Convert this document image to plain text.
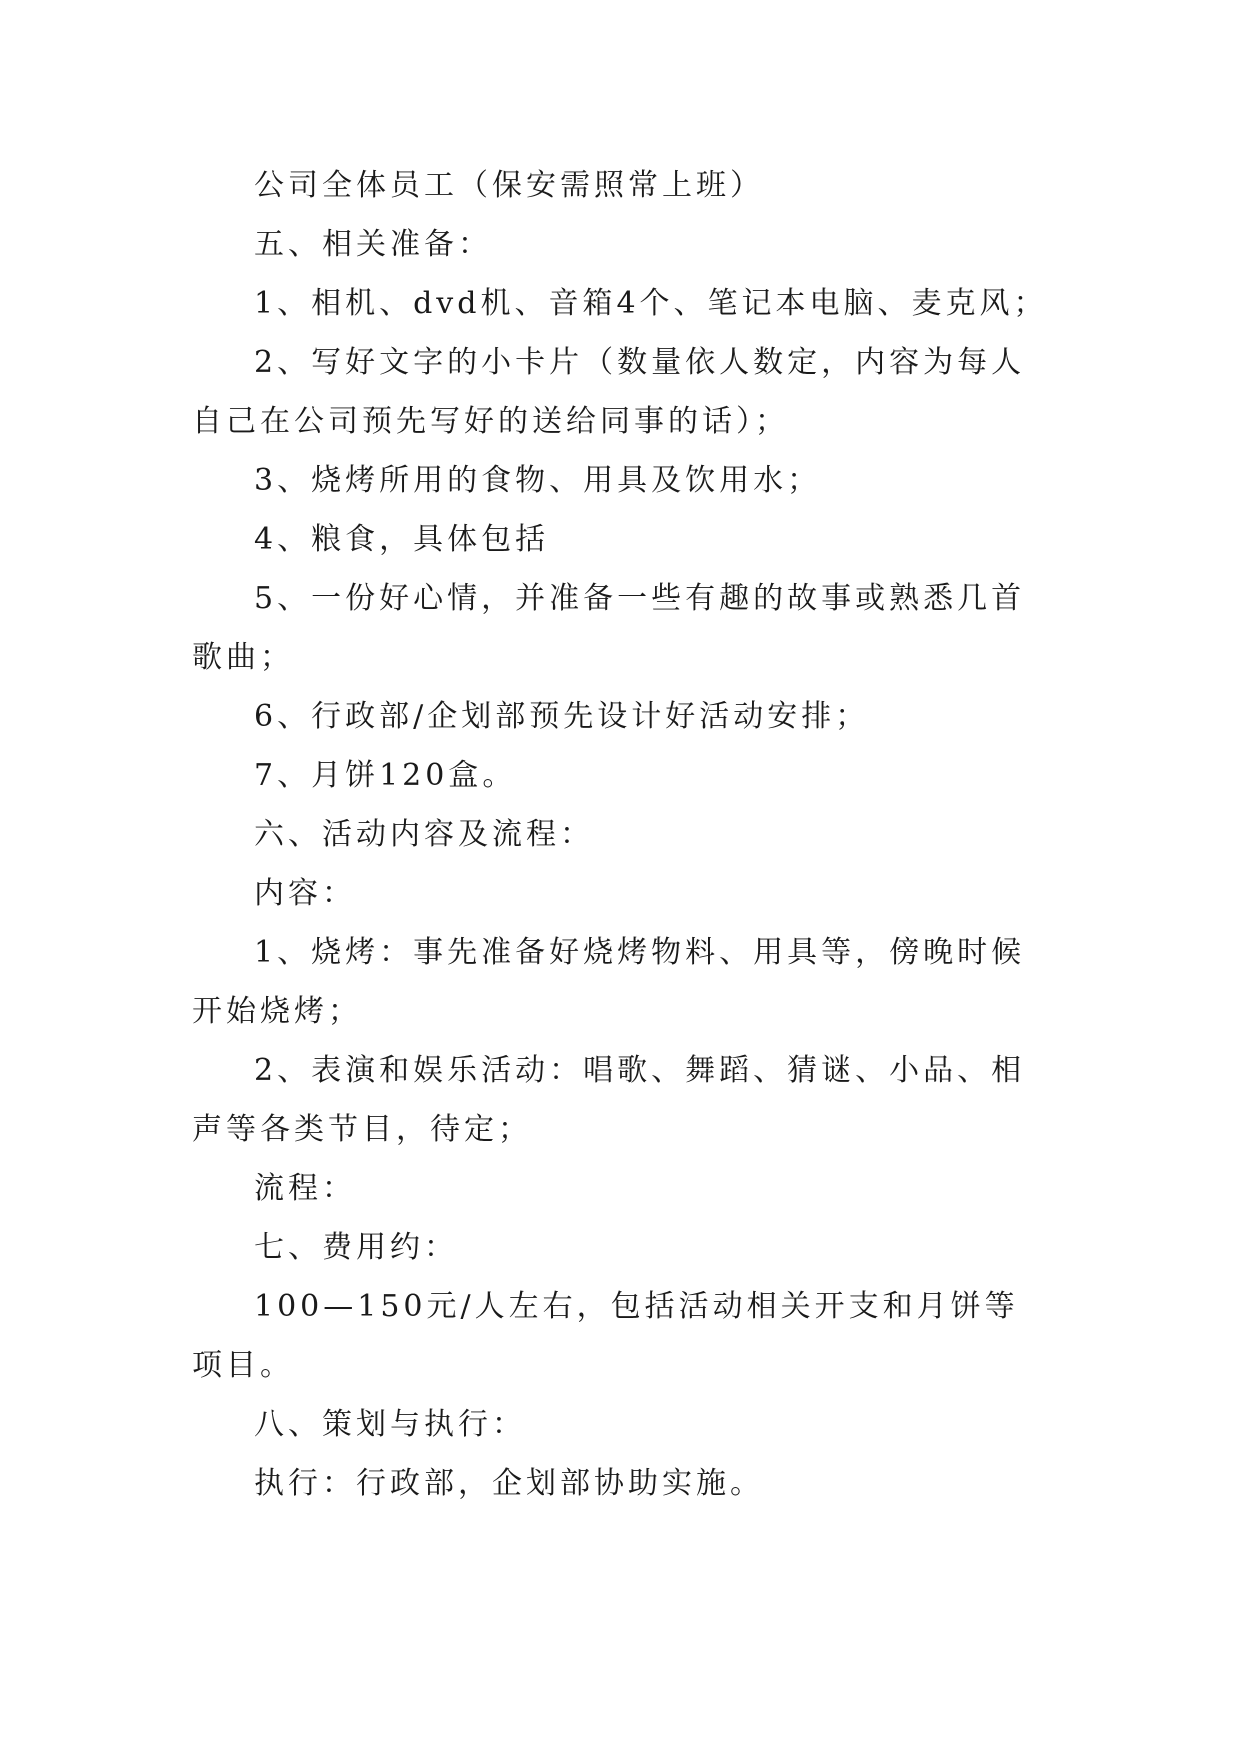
公司全体员工（保安需照常上班）

五、相关准备：

1、相机、dvd机、音箱4个、笔记本电脑、麦克风；

2、写好文字的小卡片（数量依人数定，内容为每人自己在公司预先写好的送给同事的话）；

3、烧烤所用的食物、用具及饮用水；

4、粮食，具体包括

5、一份好心情，并准备一些有趣的故事或熟悉几首歌曲；

6、行政部/企划部预先设计好活动安排；

7、月饼120盒。

六、活动内容及流程：

内容：

1、烧烤：事先准备好烧烤物料、用具等，傍晚时候开始烧烤；

2、表演和娱乐活动：唱歌、舞蹈、猜谜、小品、相声等各类节目，待定；

流程：

七、费用约：

100—150元/人左右，包括活动相关开支和月饼等项目。

八、策划与执行：

执行：行政部，企划部协助实施。
